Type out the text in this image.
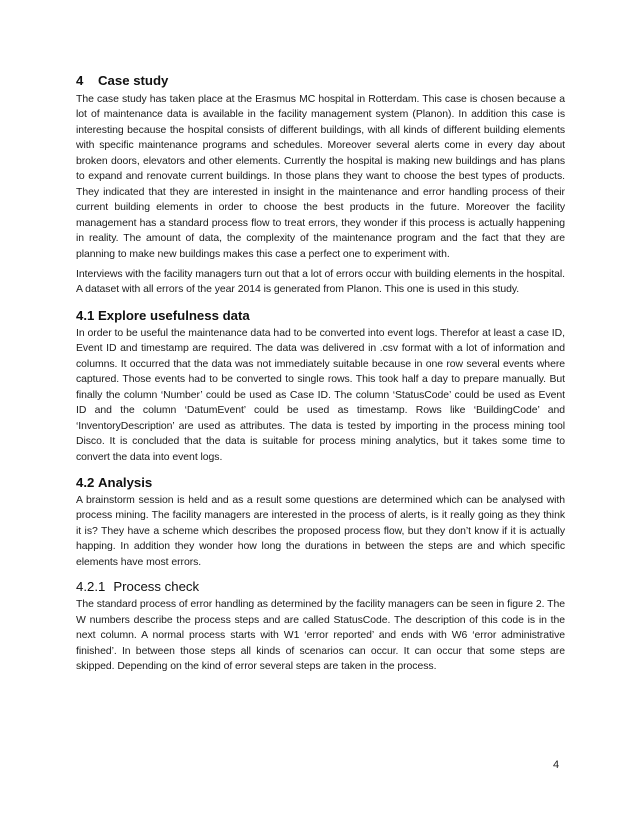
4 Case study

The case study has taken place at the Erasmus MC hospital in Rotterdam. This case is chosen because a lot of maintenance data is available in the facility management system (Planon). In addition this case is interesting because the hospital consists of different buildings, with all kinds of different building elements with specific maintenance programs and schedules. Moreover several alerts come in every day about broken doors, elevators and other elements. Currently the hospital is making new buildings and has plans to expand and renovate current buildings. In those plans they want to choose the best types of products. They indicated that they are interested in insight in the maintenance and error handling process of their current building elements in order to choose the best products in the future. Moreover the facility management has a standard process flow to treat errors, they wonder if this process is actually happening in reality. The amount of data, the complexity of the maintenance program and the fact that they are planning to make new buildings makes this case a perfect one to experiment with.

Interviews with the facility managers turn out that a lot of errors occur with building elements in the hospital. A dataset with all errors of the year 2014 is generated from Planon. This one is used in this study.

4.1 Explore usefulness data

In order to be useful the maintenance data had to be converted into event logs. Therefor at least a case ID, Event ID and timestamp are required. The data was delivered in .csv format with a lot of information and columns. It occurred that the data was not immediately suitable because in one row several events where captured. Those events had to be converted to single rows. This took half a day to prepare manually. But finally the column ‘Number’ could be used as Case ID. The column ‘StatusCode’ could be used as Event ID and the column ‘DatumEvent’ could be used as timestamp. Rows like ‘BuildingCode’ and ‘InventoryDescription’ are used as attributes. The data is tested by importing in the process mining tool Disco. It is concluded that the data is suitable for process mining analytics, but it takes some time to convert the data into event logs.

4.2 Analysis

A brainstorm session is held and as a result some questions are determined which can be analysed with process mining. The facility managers are interested in the process of alerts, is it really going as they think it is? They have a scheme which describes the proposed process flow, but they don’t know if it is actually happing. In addition they wonder how long the durations in between the steps are and which specific elements have most errors.

4.2.1 Process check

The standard process of error handling as determined by the facility managers can be seen in figure 2. The W numbers describe the process steps and are called StatusCode. The description of this code is in the next column. A normal process starts with W1 ‘error reported’ and ends with W6 ‘error administrative finished’. In between those steps all kinds of scenarios can occur. It can occur that some steps are skipped. Depending on the kind of error several steps are taken in the process.

4
